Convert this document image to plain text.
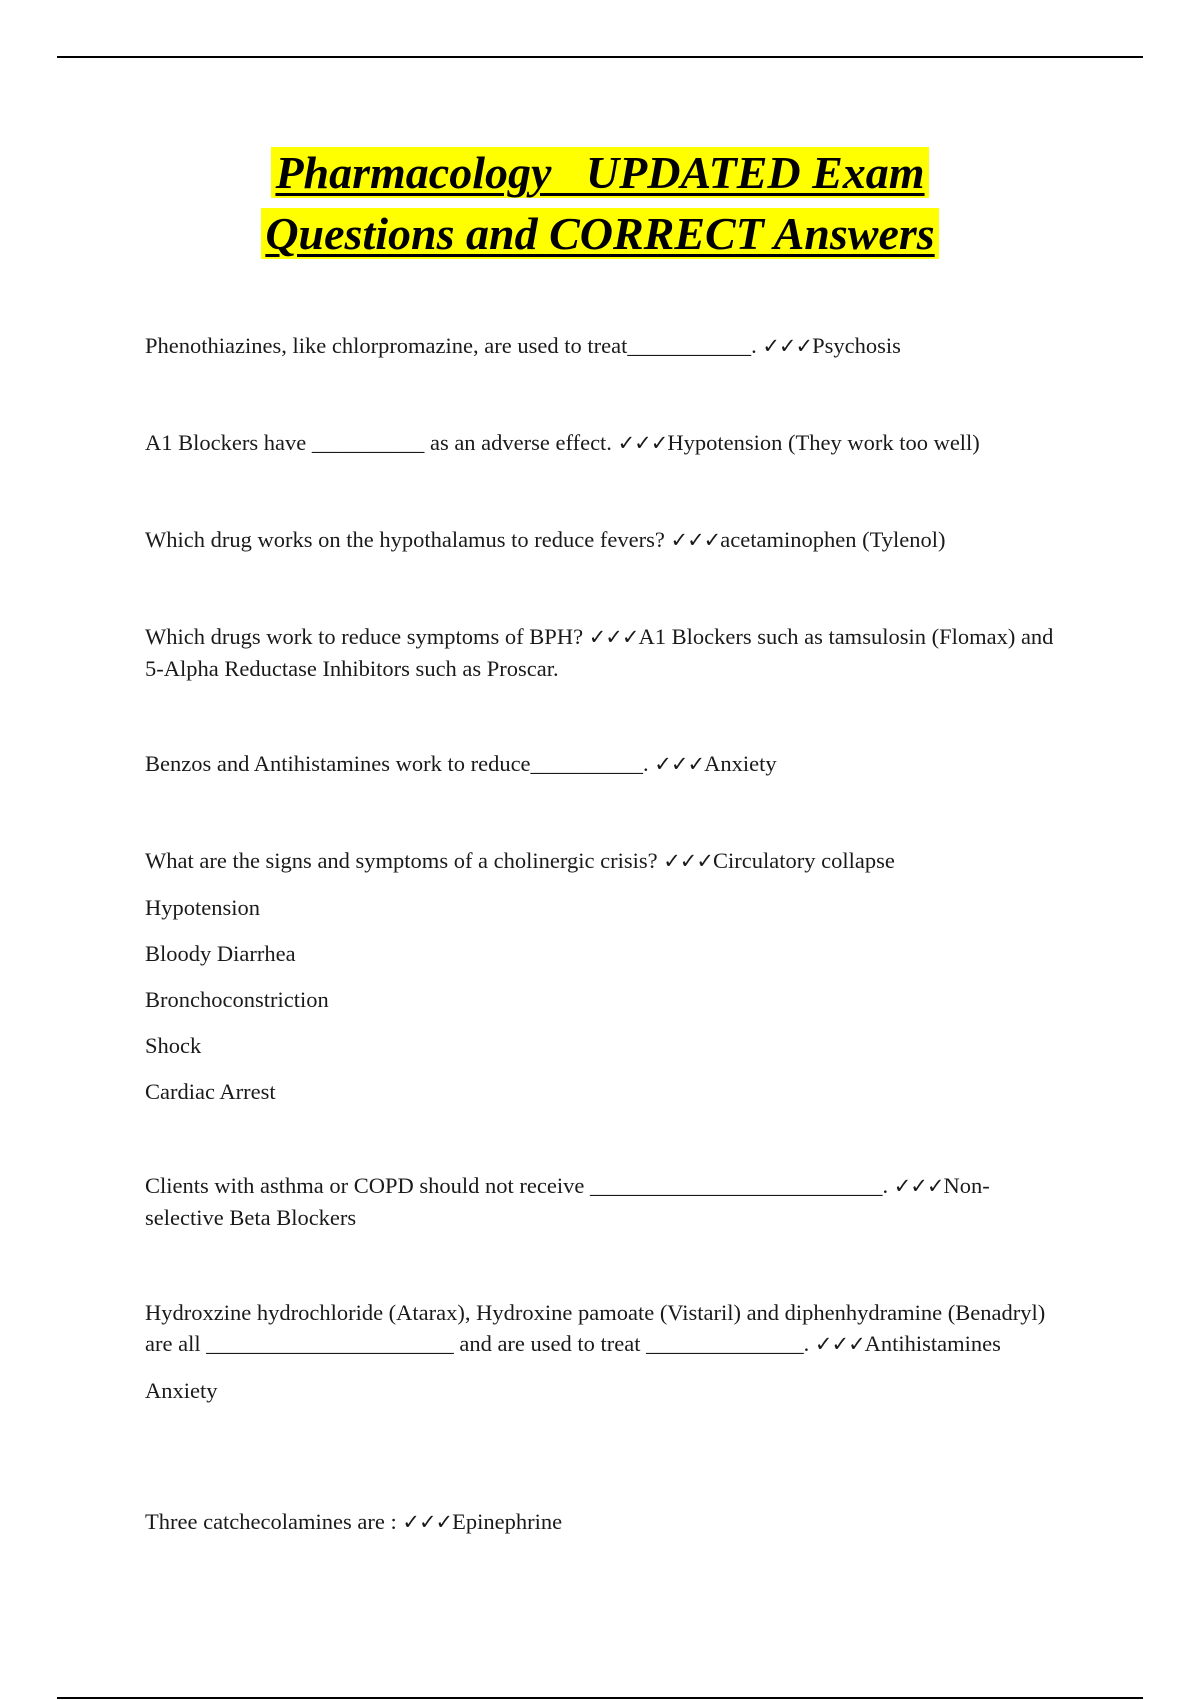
Pharmacology   UPDATED Exam
Questions and CORRECT Answers
Phenothiazines, like chlorpromazine, are used to treat___________. ✓✓✓Psychosis
A1 Blockers have __________ as an adverse effect. ✓✓✓Hypotension (They work too well)
Which drug works on the hypothalamus to reduce fevers? ✓✓✓acetaminophen (Tylenol)
Which drugs work to reduce symptoms of BPH? ✓✓✓A1 Blockers such as tamsulosin (Flomax) and 5-Alpha Reductase Inhibitors such as Proscar.
Benzos and Antihistamines work to reduce__________. ✓✓✓Anxiety
What are the signs and symptoms of a cholinergic crisis? ✓✓✓Circulatory collapse
Hypotension
Bloody Diarrhea
Bronchoconstriction
Shock
Cardiac Arrest
Clients with asthma or COPD should not receive __________________________. ✓✓✓Non-selective Beta Blockers
Hydroxzine hydrochloride (Atarax), Hydroxine pamoate (Vistaril) and diphenhydramine (Benadryl) are all ______________________ and are used to treat ______________. ✓✓✓Antihistamines
Anxiety
Three catchecolamines are : ✓✓✓Epinephrine
